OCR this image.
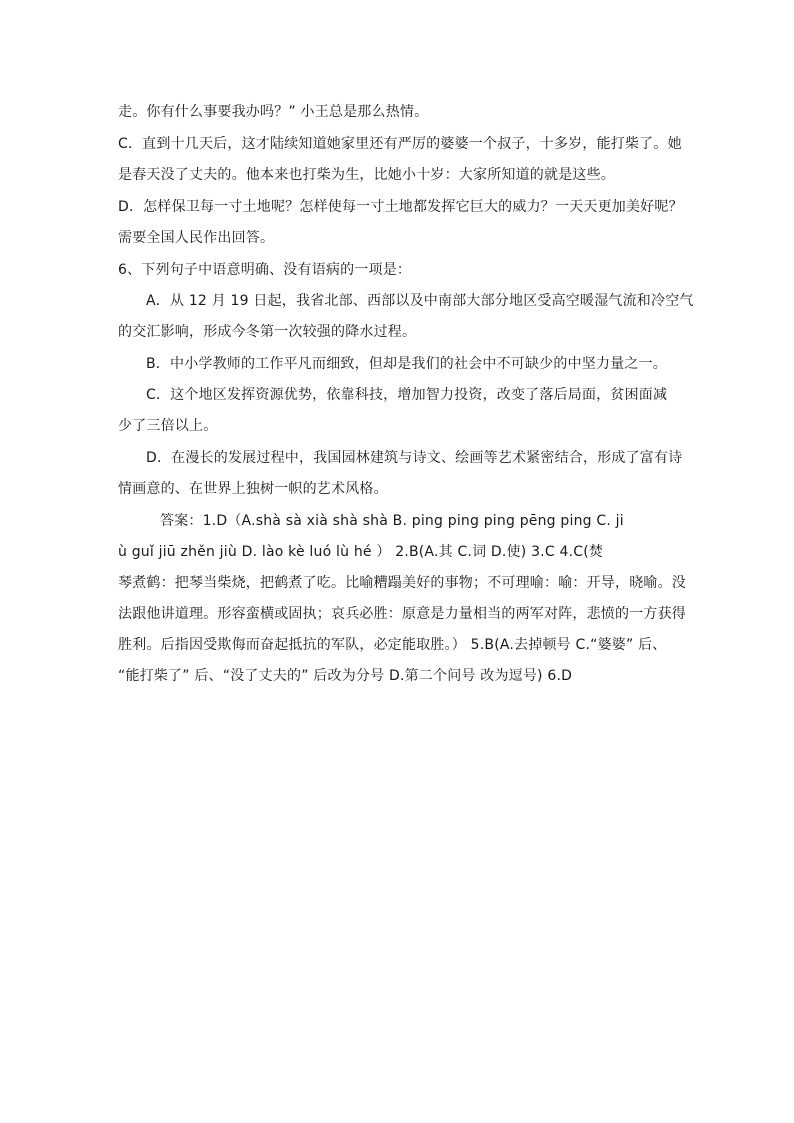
走。你有什么事要我办吗？” 小王总是那么热情。
C．直到十几天后，这才陆续知道她家里还有严厉的婆婆一个叔子，十多岁，能打柴了。她
是春天没了丈夫的。他本来也打柴为生，比她小十岁：大家所知道的就是这些。
D．怎样保卫每一寸土地呢？怎样使每一寸土地都发挥它巨大的威力？一天天更加美好呢？
需要全国人民作出回答。
6、下列句子中语意明确、没有语病的一项是：
A．从 12 月 19 日起，我省北部、西部以及中南部大部分地区受高空暖湿气流和冷空气
的交汇影响，形成今冬第一次较强的降水过程。
B．中小学教师的工作平凡而细致，但却是我们的社会中不可缺少的中坚力量之一。
C．这个地区发挥资源优势，依靠科技，增加智力投资，改变了落后局面，贫困面减
少了三倍以上。
D．在漫长的发展过程中，我国园林建筑与诗文、绘画等艺术紧密结合，形成了富有诗
情画意的、在世界上独树一帜的艺术风格。
答案：1.D（A.shà sà xià shà shà B. ping ping ping pēng ping C. ji
ù guǐ jiū zhěn jiù D. lào kè luó lù hé ） 2.B(A.其 C.词 D.使) 3.C 4.C(焚
琴煮鹤：把琴当柴烧，把鹤煮了吃。比喻糟蹋美好的事物；不可理喻：喻：开导，晓喻。没
法跟他讲道理。形容蛮横或固执；哀兵必胜：原意是力量相当的两军对阵，悲愤的一方获得
胜利。后指因受欺侮而奋起抵抗的军队，必定能取胜。） 5.B(A.去掉顿号 C.“婆婆” 后、
“能打柴了” 后、“没了丈夫的” 后改为分号 D.第二个问号 改为逗号) 6.D
